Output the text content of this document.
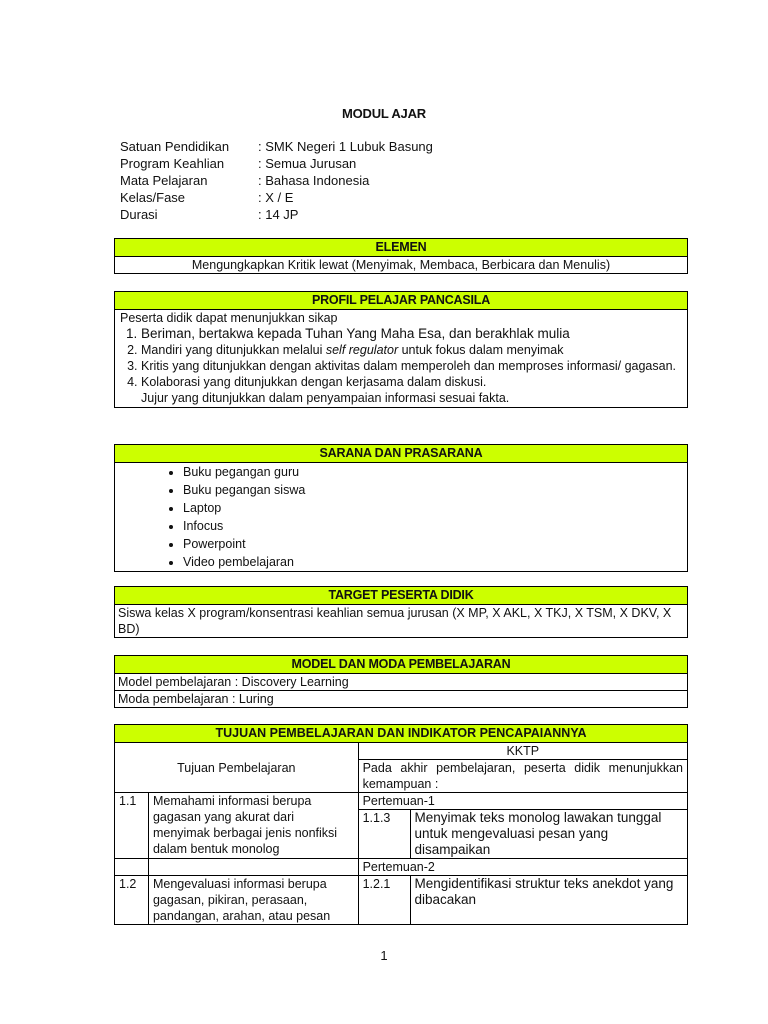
MODUL AJAR
Satuan Pendidikan	: SMK Negeri 1 Lubuk Basung
Program Keahlian	: Semua Jurusan
Mata Pelajaran	: Bahasa Indonesia
Kelas/Fase	: X / E
Durasi	: 14 JP
ELEMEN
Mengungkapkan Kritik lewat (Menyimak, Membaca, Berbicara dan Menulis)
PROFIL PELAJAR PANCASILA
Peserta didik dapat menunjukkan sikap
1. Beriman, bertakwa kepada Tuhan Yang Maha Esa, dan berakhlak mulia
2. Mandiri yang ditunjukkan melalui self regulator untuk fokus dalam menyimak
3. Kritis yang ditunjukkan dengan aktivitas dalam memperoleh dan memproses informasi/ gagasan.
4. Kolaborasi yang ditunjukkan dengan kerjasama dalam diskusi.
Jujur yang ditunjukkan dalam penyampaian informasi sesuai fakta.
SARANA DAN PRASARANA
• Buku pegangan guru
• Buku pegangan siswa
• Laptop
• Infocus
• Powerpoint
• Video pembelajaran
TARGET PESERTA DIDIK
Siswa kelas X program/konsentrasi keahlian semua jurusan (X MP, X AKL, X TKJ, X TSM, X DKV, X BD)
MODEL DAN MODA PEMBELAJARAN
Model pembelajaran : Discovery Learning
Moda pembelajaran : Luring
TUJUAN PEMBELAJARAN DAN INDIKATOR PENCAPAIANNYA			
Tujuan Pembelajaran		KKTP	
		Pada akhir pembelajaran, peserta didik menunjukkan kemampuan :	
1.1	Memahami informasi berupa gagasan yang akurat dari menyimak berbagai jenis nonfiksi dalam bentuk monolog	Pertemuan-1	
		1.1.3	Menyimak teks monolog lawakan tunggal untuk mengevaluasi pesan yang disampaikan
		Pertemuan-2	
1.2	Mengevaluasi informasi berupa gagasan, pikiran, perasaan, pandangan, arahan, atau pesan	1.2.1	Mengidentifikasi struktur teks anekdot yang dibacakan
1
